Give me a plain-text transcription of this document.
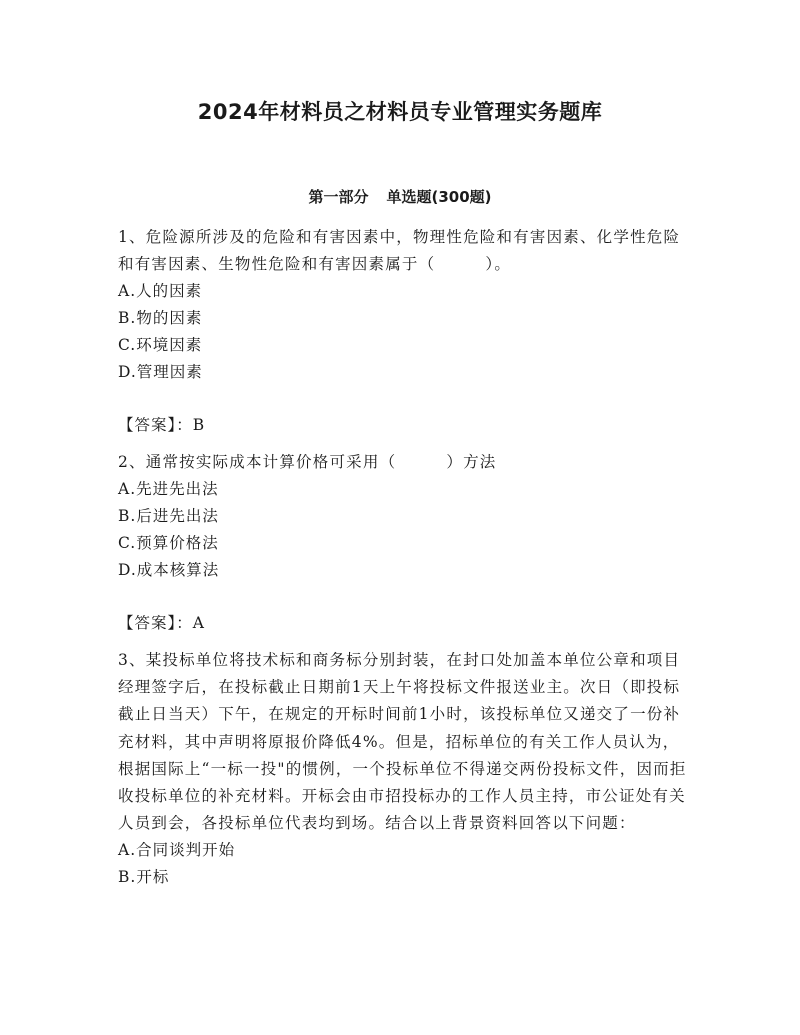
2024年材料员之材料员专业管理实务题库
第一部分 单选题(300题)

1、危险源所涉及的危险和有害因素中，物理性危险和有害因素、化学性危险和有害因素、生物性危险和有害因素属于（　　　）。

A.人的因素

B.物的因素

C.环境因素

D.管理因素

【答案】：B

2、通常按实际成本计算价格可采用（　　　）方法

A.先进先出法

B.后进先出法

C.预算价格法

D.成本核算法

【答案】：A

3、某投标单位将技术标和商务标分别封装，在封口处加盖本单位公章和项目经理签字后，在投标截止日期前1天上午将投标文件报送业主。次日（即投标截止日当天）下午，在规定的开标时间前1小时，该投标单位又递交了一份补充材料，其中声明将原报价降低4%。但是，招标单位的有关工作人员认为，根据国际上“一标一投"的惯例，一个投标单位不得递交两份投标文件，因而拒收投标单位的补充材料。开标会由市招投标办的工作人员主持，市公证处有关人员到会，各投标单位代表均到场。结合以上背景资料回答以下问题：

A.合同谈判开始

B.开标
